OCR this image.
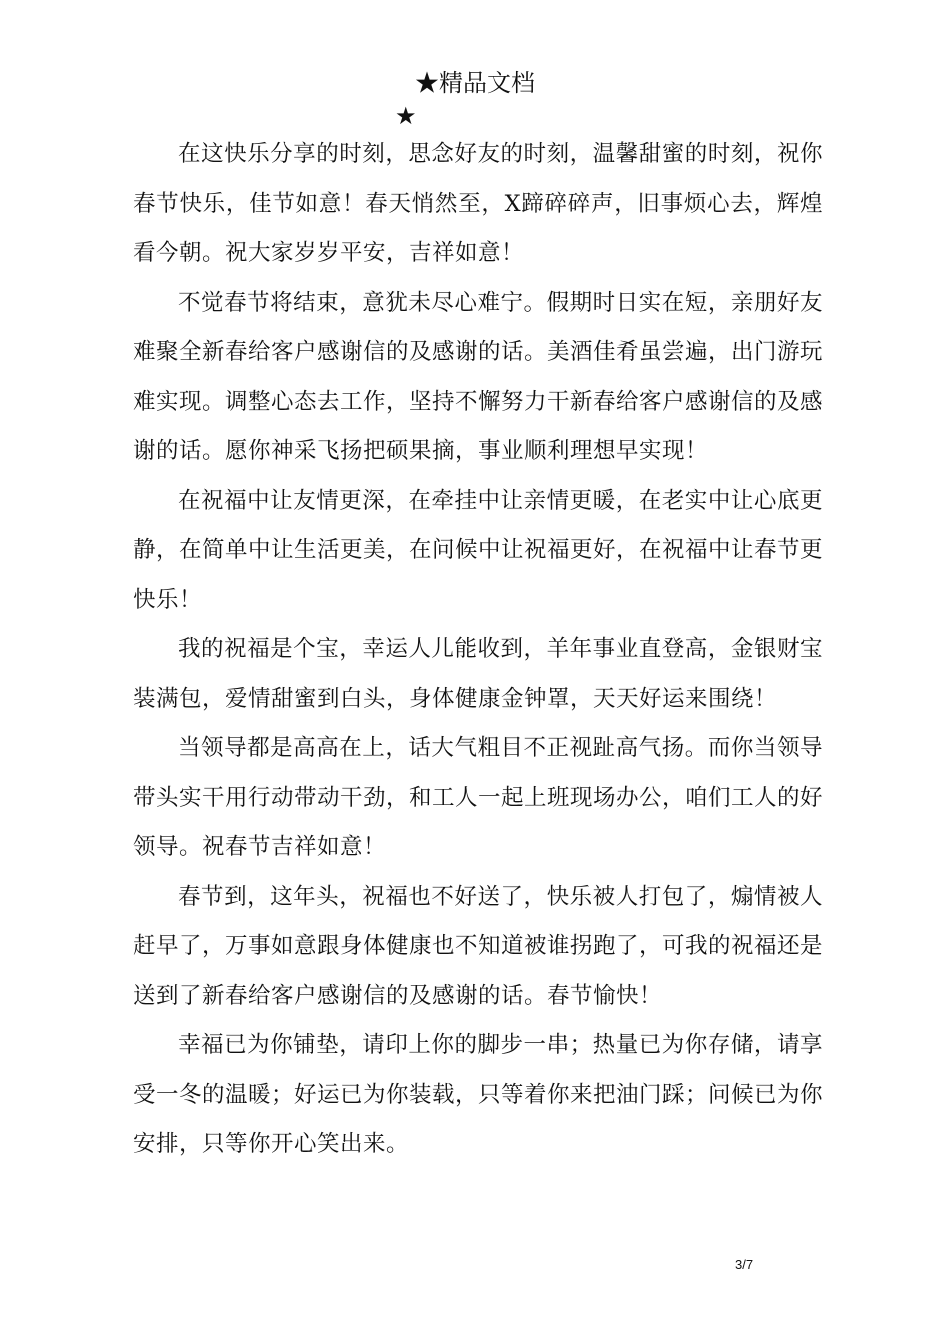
★精品文档
★

在这快乐分享的时刻，思念好友的时刻，温馨甜蜜的时刻，祝你春节快乐，佳节如意！春天悄然至，X蹄碎碎声，旧事烦心去，辉煌看今朝。祝大家岁岁平安，吉祥如意！

不觉春节将结束，意犹未尽心难宁。假期时日实在短，亲朋好友难聚全新春给客户感谢信的及感谢的话。美酒佳肴虽尝遍，出门游玩难实现。调整心态去工作，坚持不懈努力干新春给客户感谢信的及感谢的话。愿你神采飞扬把硕果摘，事业顺利理想早实现！

在祝福中让友情更深，在牵挂中让亲情更暖，在老实中让心底更静，在简单中让生活更美，在问候中让祝福更好，在祝福中让春节更快乐！

我的祝福是个宝，幸运人儿能收到，羊年事业直登高，金银财宝装满包，爱情甜蜜到白头，身体健康金钟罩，天天好运来围绕！

当领导都是高高在上，话大气粗目不正视趾高气扬。而你当领导带头实干用行动带动干劲，和工人一起上班现场办公，咱们工人的好领导。祝春节吉祥如意！

春节到，这年头，祝福也不好送了，快乐被人打包了，煽情被人赶早了，万事如意跟身体健康也不知道被谁拐跑了，可我的祝福还是送到了新春给客户感谢信的及感谢的话。春节愉快！

幸福已为你铺垫，请印上你的脚步一串；热量已为你存储，请享受一冬的温暖；好运已为你装载，只等着你来把油门踩；问候已为你安排，只等你开心笑出来。

3/7
